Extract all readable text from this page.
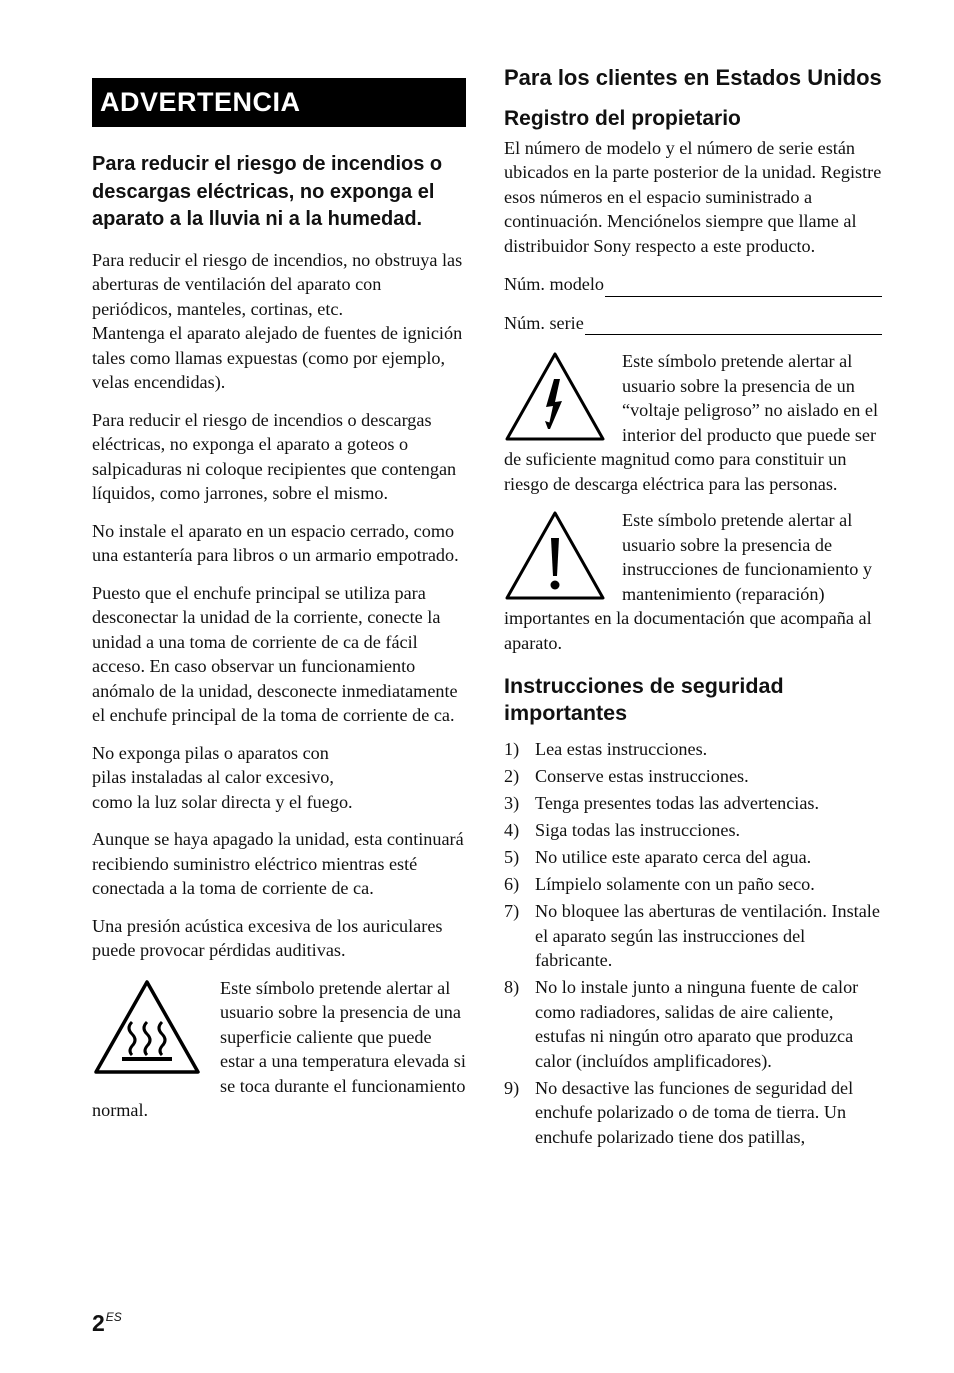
ADVERTENCIA
Para reducir el riesgo de incendios o descargas eléctricas, no exponga el aparato a la lluvia ni a la humedad.

Para reducir el riesgo de incendios, no obstruya las aberturas de ventilación del aparato con periódicos, manteles, cortinas, etc.
Mantenga el aparato alejado de fuentes de ignición tales como llamas expuestas (como por ejemplo, velas encendidas).

Para reducir el riesgo de incendios o descargas eléctricas, no exponga el aparato a goteos o salpicaduras ni coloque recipientes que contengan líquidos, como jarrones, sobre el mismo.

No instale el aparato en un espacio cerrado, como una estantería para libros o un armario empotrado.

Puesto que el enchufe principal se utiliza para desconectar la unidad de la corriente, conecte la unidad a una toma de corriente de ca de fácil acceso. En caso observar un funcionamiento anómalo de la unidad, desconecte inmediatamente el enchufe principal de la toma de corriente de ca.

No exponga pilas o aparatos con
pilas instaladas al calor excesivo,
como la luz solar directa y el fuego.

Aunque se haya apagado la unidad, esta continuará recibiendo suministro eléctrico mientras esté conectada a la toma de corriente de ca.

Una presión acústica excesiva de los auriculares puede provocar pérdidas auditivas.

Este símbolo pretende alertar al usuario sobre la presencia de una superficie caliente que puede estar a una temperatura elevada si se toca durante el funcionamiento normal.
Para los clientes en Estados Unidos
Registro del propietario

El número de modelo y el número de serie están ubicados en la parte posterior de la unidad. Registre esos números en el espacio suministrado a continuación. Menciónelos siempre que llame al distribuidor Sony respecto a este producto.

Núm. modelo
Núm. serie
Este símbolo pretende alertar al usuario sobre la presencia de un “voltaje peligroso” no aislado en el interior del producto que puede ser de suficiente magnitud como para constituir un riesgo de descarga eléctrica para las personas.
Este símbolo pretende alertar al usuario sobre la presencia de instrucciones de funcionamiento y mantenimiento (reparación) importantes en la documentación que acompaña al aparato.
Instrucciones de seguridad importantes
1) Lea estas instrucciones.
2) Conserve estas instrucciones.
3) Tenga presentes todas las advertencias.
4) Siga todas las instrucciones.
5) No utilice este aparato cerca del agua.
6) Límpielo solamente con un paño seco.
7) No bloquee las aberturas de ventilación. Instale el aparato según las instrucciones del fabricante.
8) No lo instale junto a ninguna fuente de calor como radiadores, salidas de aire caliente, estufas ni ningún otro aparato que produzca calor (incluídos amplificadores).
9) No desactive las funciones de seguridad del enchufe polarizado o de toma de tierra. Un enchufe polarizado tiene dos patillas,
$2^{ES}$
